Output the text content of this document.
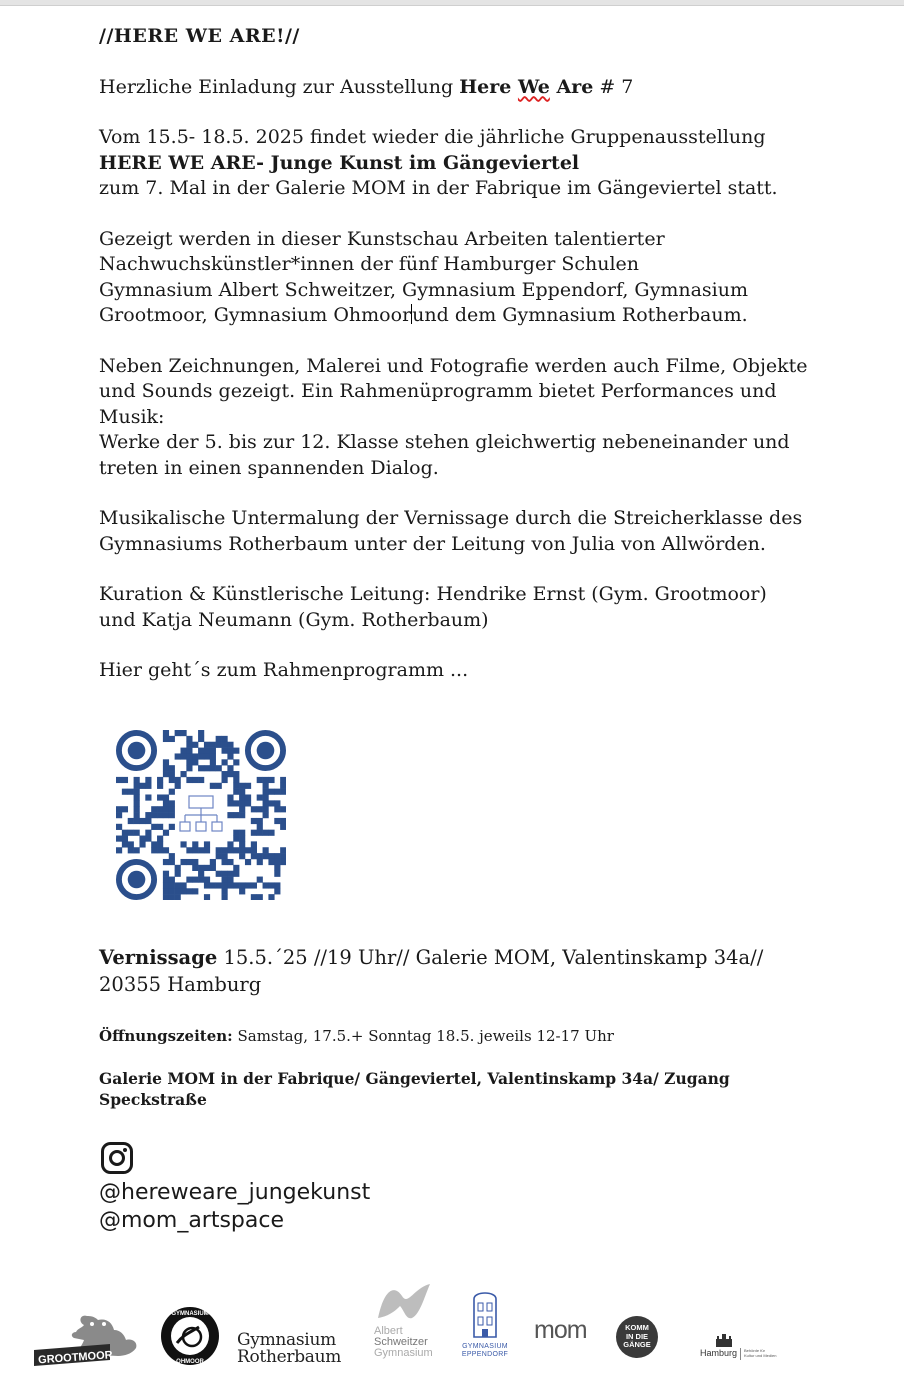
//HERE WE ARE!//

Herzliche Einladung zur Ausstellung Here We Are # 7

Vom 15.5- 18.5. 2025 findet wieder die jährliche Gruppenausstellung

HERE WE ARE- Junge Kunst im Gängeviertel

zum 7. Mal in der Galerie MOM in der Fabrique im Gängeviertel statt.

Gezeigt werden in dieser Kunstschau Arbeiten talentierter

Nachwuchskünstler*innen der fünf Hamburger Schulen

Gymnasium Albert Schweitzer, Gymnasium Eppendorf, Gymnasium

Grootmoor, Gymnasium Ohmoorund dem Gymnasium Rotherbaum.

Neben Zeichnungen, Malerei und Fotografie werden auch Filme, Objekte

und Sounds gezeigt. Ein Rahmenüprogramm bietet Performances und

Musik:

Werke der 5. bis zur 12. Klasse stehen gleichwertig nebeneinander und

treten in einen spannenden Dialog.

Musikalische Untermalung der Vernissage durch die Streicherklasse des

Gymnasiums Rotherbaum unter der Leitung von Julia von Allwörden.

Kuration & Künstlerische Leitung: Hendrike Ernst (Gym. Grootmoor)

und Katja Neumann (Gym. Rotherbaum)

Hier geht´s zum Rahmenprogramm ...

Vernissage 15.5.´25 //19 Uhr// Galerie MOM, Valentinskamp 34a//
20355 Hamburg
Öffnungszeiten: Samstag, 17.5.+ Sonntag 18.5. jeweils 12-17 Uhr
Galerie MOM in der Fabrique/ Gängeviertel, Valentinskamp 34a/ Zugang
Speckstraße
@hereweare_jungekunst
@mom_artspace
GROOTMOOR
GYMNASIUM
OHMOOR
Gymnasium
Rotherbaum
Albert
Schweitzer
Gymnasium
GYMNASIUM
EPPENDORF
mom	KOMM
IN DIE
GÄNGE
Hamburg Behörde für
Kultur und Medien
